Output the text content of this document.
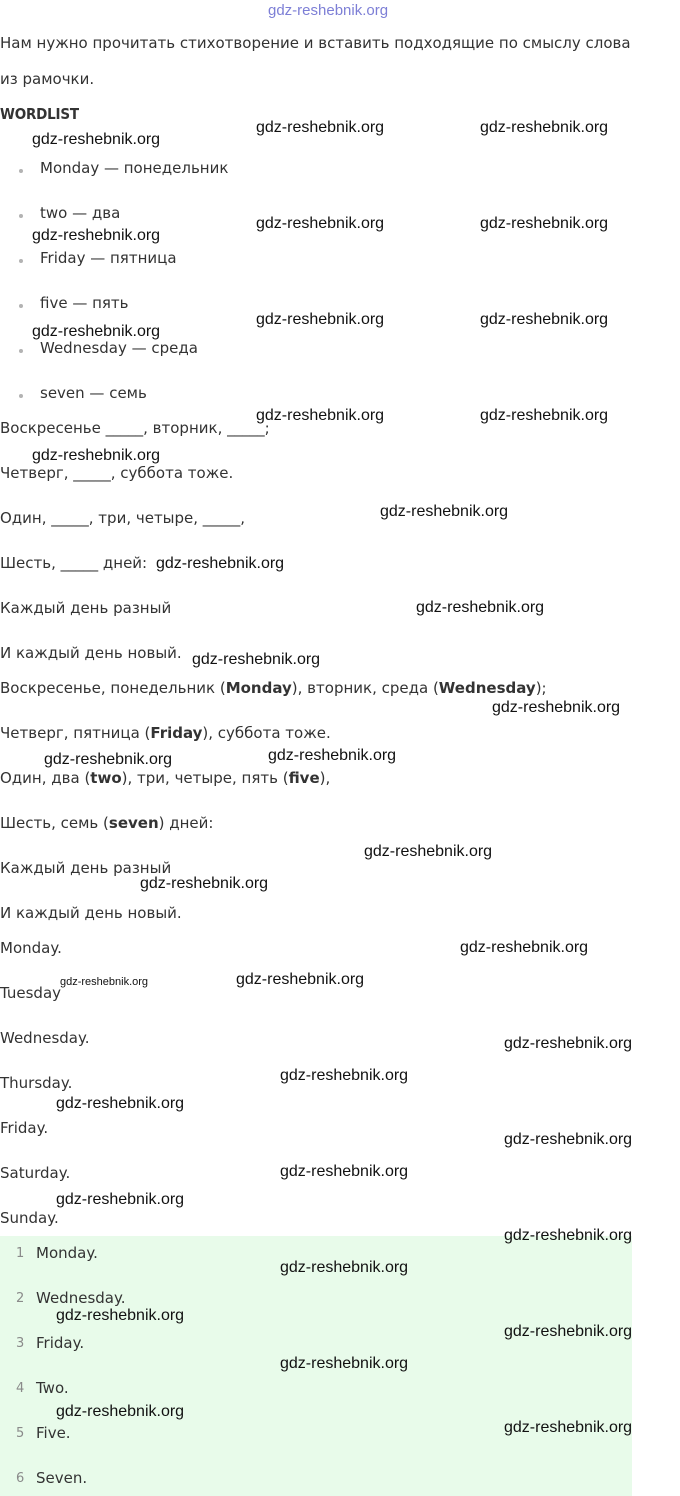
gdz-reshebnik.org
Нам нужно прочитать стихотворение и вставить подходящие по смыслу слова
из рамочки.
WORDLIST
Monday — понедельник
two — два
Friday — пятница
five — пять
Wednesday — среда
seven — семь
Воскресенье _____, вторник, _____;
Четверг, _____, суббота тоже.
Один, _____, три, четыре, _____,
Шесть, _____ дней:
Каждый день разный
И каждый день новый.
Воскресенье, понедельник (Monday), вторник, среда (Wednesday);
Четверг, пятница (Friday), суббота тоже.
Один, два (two), три, четыре, пять (five),
Шесть, семь (seven) дней:
Каждый день разный
И каждый день новый.
Monday.
Tuesday
Wednesday.
Thursday.
Friday.
Saturday.
Sunday.
1 Monday.
2 Wednesday.
3 Friday.
4 Two.
5 Five.
6 Seven.
gdz-reshebnik.org
gdz-reshebnik.org	gdz-reshebnik.org
gdz-reshebnik.org	gdz-reshebnik.org
gdz-reshebnik.org
gdz-reshebnik.org	gdz-reshebnik.org
gdz-reshebnik.org
gdz-reshebnik.org	gdz-reshebnik.org
gdz-reshebnik.org
gdz-reshebnik.org
gdz-reshebnik.org
gdz-reshebnik.org
gdz-reshebnik.org
gdz-reshebnik.org
gdz-reshebnik.org	gdz-reshebnik.org
gdz-reshebnik.org
gdz-reshebnik.org
gdz-reshebnik.org
gdz-reshebnik.org	gdz-reshebnik.org
gdz-reshebnik.org
gdz-reshebnik.org
gdz-reshebnik.org
gdz-reshebnik.org
gdz-reshebnik.org
gdz-reshebnik.org
gdz-reshebnik.org
gdz-reshebnik.org
gdz-reshebnik.org
gdz-reshebnik.org
gdz-reshebnik.org
gdz-reshebnik.org
gdz-reshebnik.org
